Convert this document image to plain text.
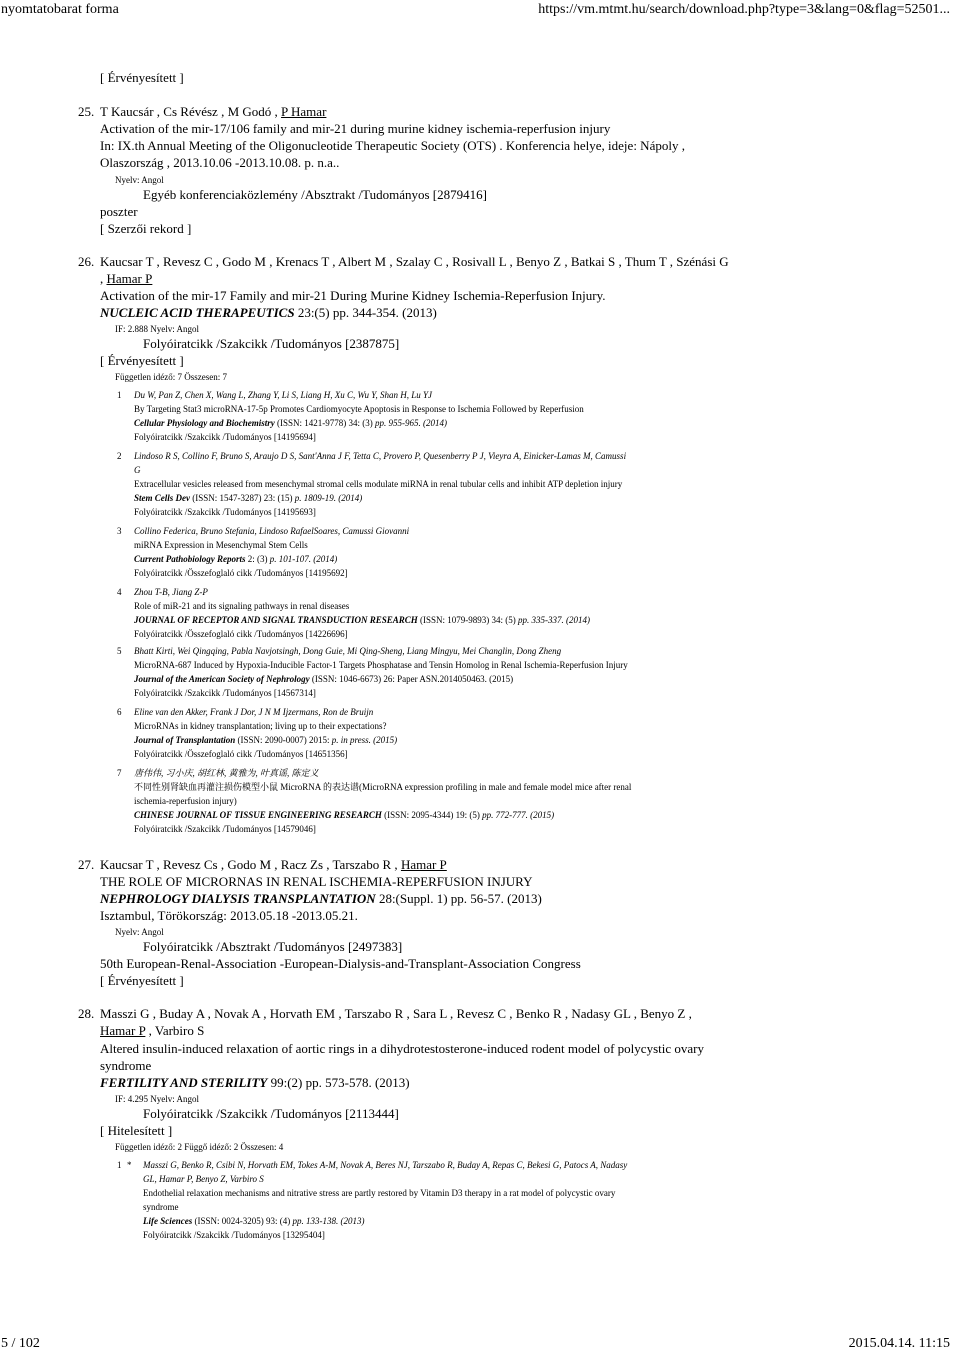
nyomtatobarat forma	https://vm.mtmt.hu/search/download.php?type=3&lang=0&flag=52501...
[ Érvényesített ]
25. T Kaucsár , Cs Révész , M Godó , P Hamar
Activation of the mir-17/106 family and mir-21 during murine kidney ischemia-reperfusion injury
In: IX.th Annual Meeting of the Oligonucleotide Therapeutic Society (OTS) . Konferencia helye, ideje: Nápoly ,
Olaszország , 2013.10.06 -2013.10.08. p. n.a..
Nyelv: Angol
Egyéb konferenciaközlemény /Absztrakt /Tudományos [2879416]
poszter
[ Szerzői rekord ]
26. Kaucsar T , Revesz C , Godo M , Krenacs T , Albert M , Szalay C , Rosivall L , Benyo Z , Batkai S , Thum T , Szénási G
, Hamar P
Activation of the mir-17 Family and mir-21 During Murine Kidney Ischemia-Reperfusion Injury.
NUCLEIC ACID THERAPEUTICS 23:(5) pp. 344-354. (2013)
IF: 2.888 Nyelv: Angol
Folyóiratcikk /Szakcikk /Tudományos [2387875]
[ Érvényesített ]
Független idéző: 7 Összesen: 7
1 Du W, Pan Z, Chen X, Wang L, Zhang Y, Li S, Liang H, Xu C, Wu Y, Shan H, Lu YJ
By Targeting Stat3 microRNA-17-5p Promotes Cardiomyocyte Apoptosis in Response to Ischemia Followed by Reperfusion
Cellular Physiology and Biochemistry (ISSN: 1421-9778) 34: (3) pp. 955-965. (2014)
Folyóiratcikk /Szakcikk /Tudományos [14195694]
2 Lindoso R S, Collino F, Bruno S, Araujo D S, Sant'Anna J F, Tetta C, Provero P, Quesenberry P J, Vieyra A, Einicker-Lamas M, Camussi
G
Extracellular vesicles released from mesenchymal stromal cells modulate miRNA in renal tubular cells and inhibit ATP depletion injury
Stem Cells Dev (ISSN: 1547-3287) 23: (15) p. 1809-19. (2014)
Folyóiratcikk /Szakcikk /Tudományos [14195693]
3 Collino Federica, Bruno Stefania, Lindoso RafaelSoares, Camussi Giovanni
miRNA Expression in Mesenchymal Stem Cells
Current Pathobiology Reports 2: (3) p. 101-107. (2014)
Folyóiratcikk /Összefoglaló cikk /Tudományos [14195692]
4 Zhou T-B, Jiang Z-P
Role of miR-21 and its signaling pathways in renal diseases
JOURNAL OF RECEPTOR AND SIGNAL TRANSDUCTION RESEARCH (ISSN: 1079-9893) 34: (5) pp. 335-337. (2014)
Folyóiratcikk /Összefoglaló cikk /Tudományos [14226696]
5 Bhatt Kirti, Wei Qingqing, Pabla Navjotsingh, Dong Guie, Mi Qing-Sheng, Liang Mingyu, Mei Changlin, Dong Zheng
MicroRNA-687 Induced by Hypoxia-Inducible Factor-1 Targets Phosphatase and Tensin Homolog in Renal Ischemia-Reperfusion Injury
Journal of the American Society of Nephrology (ISSN: 1046-6673) 26: Paper ASN.2014050463. (2015)
Folyóiratcikk /Szakcikk /Tudományos [14567314]
6 Eline van den Akker, Frank J Dor, J N M Ijzermans, Ron de Bruijn
MicroRNAs in kidney transplantation; living up to their expectations?
Journal of Transplantation (ISSN: 2090-0007) 2015: p. in press. (2015)
Folyóiratcikk /Összefoglaló cikk /Tudományos [14651356]
7 唐伟伟, 习小庆, 胡红林, 黄雅为, 叶真谣, 陈定义
不同性别肾缺血再灌注损伤模型小鼠 MicroRNA 的表达谱(MicroRNA expression profiling in male and female model mice after renal
ischemia-reperfusion injury)
CHINESE JOURNAL OF TISSUE ENGINEERING RESEARCH (ISSN: 2095-4344) 19: (5) pp. 772-777. (2015)
Folyóiratcikk /Szakcikk /Tudományos [14579046]
27. Kaucsar T , Revesz Cs , Godo M , Racz Zs , Tarszabo R , Hamar P
THE ROLE OF MICRORNAS IN RENAL ISCHEMIA-REPERFUSION INJURY
NEPHROLOGY DIALYSIS TRANSPLANTATION 28:(Suppl. 1) pp. 56-57. (2013)
Isztambul, Törökország: 2013.05.18 -2013.05.21.
Nyelv: Angol
Folyóiratcikk /Absztrakt /Tudományos [2497383]
50th European-Renal-Association -European-Dialysis-and-Transplant-Association Congress
[ Érvényesített ]
28. Masszi G , Buday A , Novak A , Horvath EM , Tarszabo R , Sara L , Revesz C , Benko R , Nadasy GL , Benyo Z ,
Hamar P , Varbiro S
Altered insulin-induced relaxation of aortic rings in a dihydrotestosterone-induced rodent model of polycystic ovary
syndrome
FERTILITY AND STERILITY 99:(2) pp. 573-578. (2013)
IF: 4.295 Nyelv: Angol
Folyóiratcikk /Szakcikk /Tudományos [2113444]
[ Hitelesített ]
Független idéző: 2 Függő idéző: 2 Összesen: 4
1 * Masszi G, Benko R, Csibi N, Horvath EM, Tokes A-M, Novak A, Beres NJ, Tarszabo R, Buday A, Repas C, Bekesi G, Patocs A, Nadasy
GL, Hamar P, Benyo Z, Varbiro S
Endothelial relaxation mechanisms and nitrative stress are partly restored by Vitamin D3 therapy in a rat model of polycystic ovary
syndrome
Life Sciences (ISSN: 0024-3205) 93: (4) pp. 133-138. (2013)
Folyóiratcikk /Szakcikk /Tudományos [13295404]
5 / 102	2015.04.14. 11:15
